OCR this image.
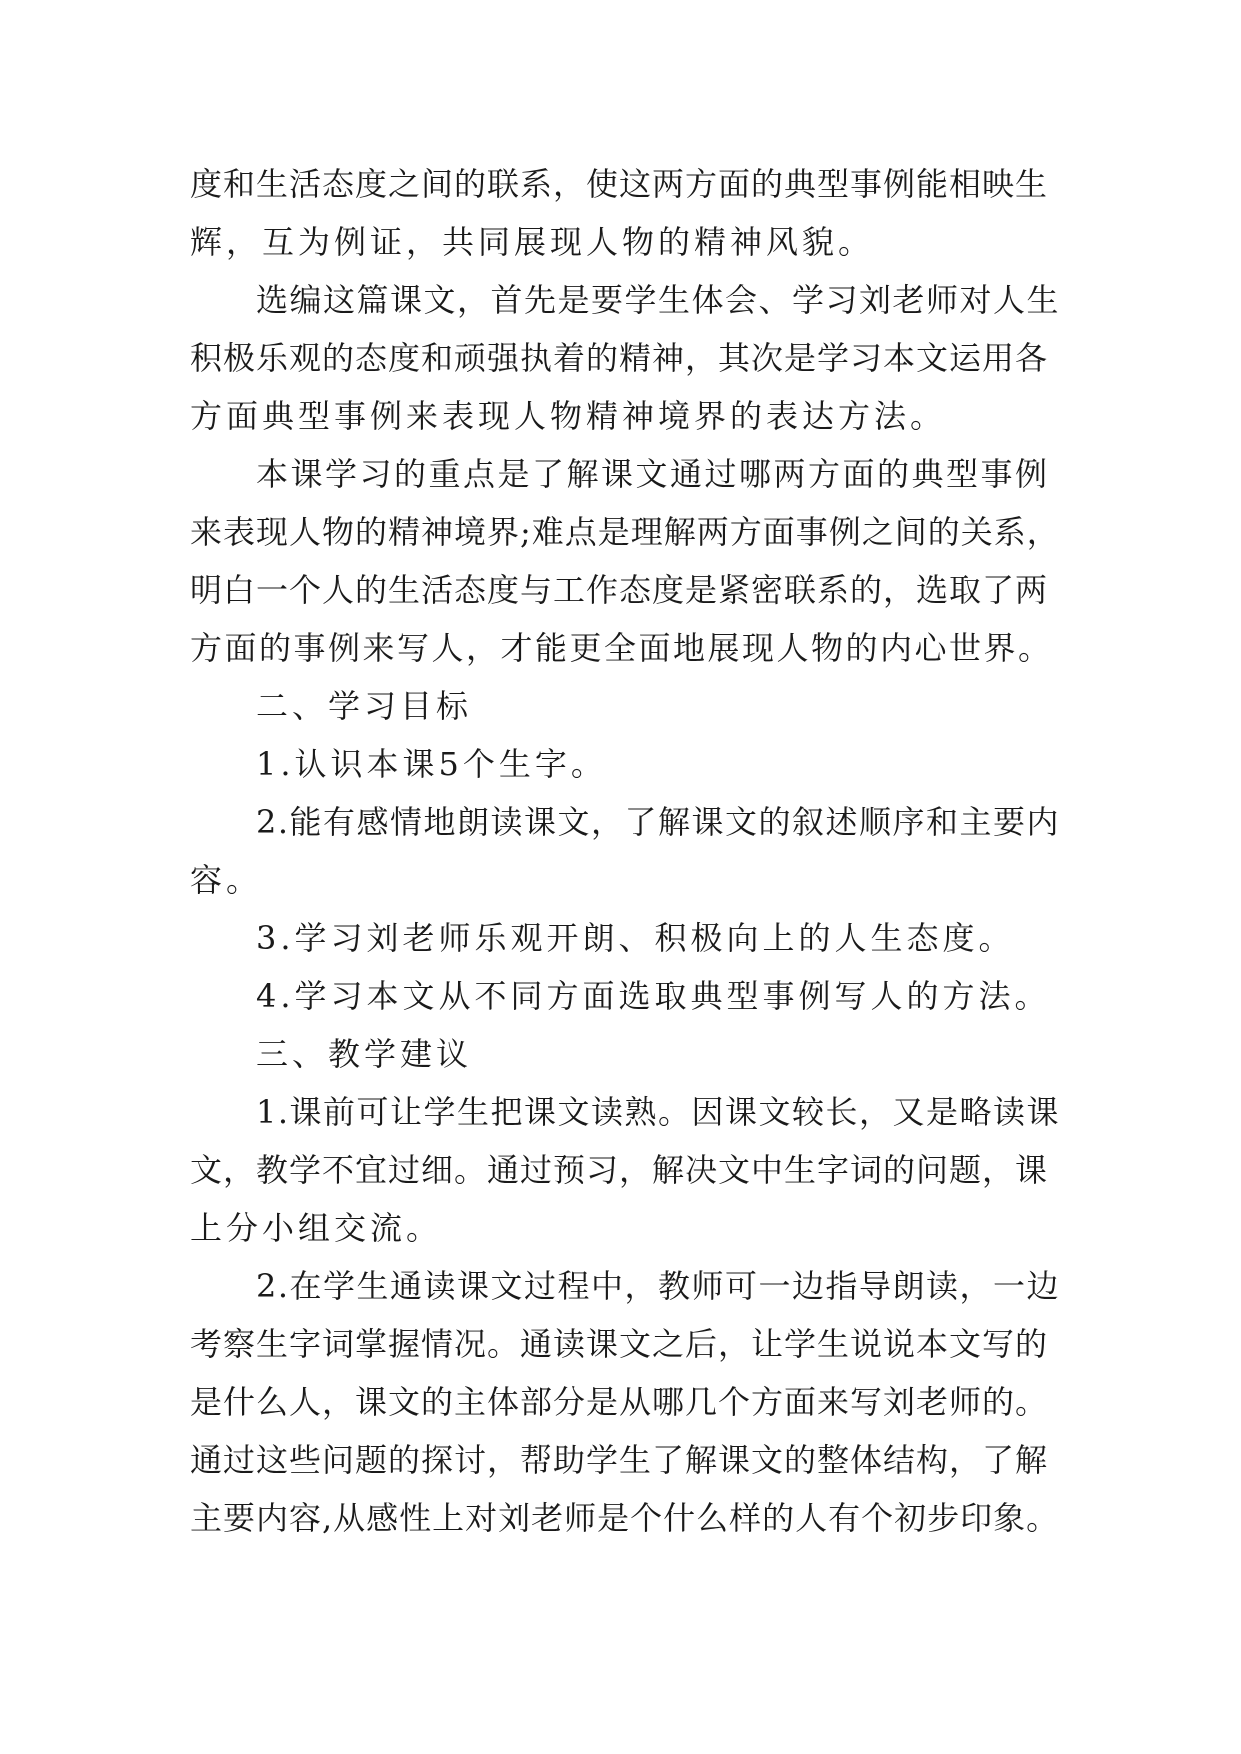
度和生活态度之间的联系，使这两方面的典型事例能相映生
辉，互为例证，共同展现人物的精神风貌。
选编这篇课文，首先是要学生体会、学习刘老师对人生
积极乐观的态度和顽强执着的精神，其次是学习本文运用各
方面典型事例来表现人物精神境界的表达方法。
本课学习的重点是了解课文通过哪两方面的典型事例
来表现人物的精神境界;难点是理解两方面事例之间的关系，
明白一个人的生活态度与工作态度是紧密联系的，选取了两
方面的事例来写人，才能更全面地展现人物的内心世界。
二、学习目标
1.认识本课5个生字。
2.能有感情地朗读课文，了解课文的叙述顺序和主要内
容。
3.学习刘老师乐观开朗、积极向上的人生态度。
4.学习本文从不同方面选取典型事例写人的方法。
三、教学建议
1.课前可让学生把课文读熟。因课文较长，又是略读课
文，教学不宜过细。通过预习，解决文中生字词的问题，课
上分小组交流。
2.在学生通读课文过程中，教师可一边指导朗读，一边
考察生字词掌握情况。通读课文之后，让学生说说本文写的
是什么人，课文的主体部分是从哪几个方面来写刘老师的。
通过这些问题的探讨，帮助学生了解课文的整体结构，了解
主要内容,从感性上对刘老师是个什么样的人有个初步印象。
